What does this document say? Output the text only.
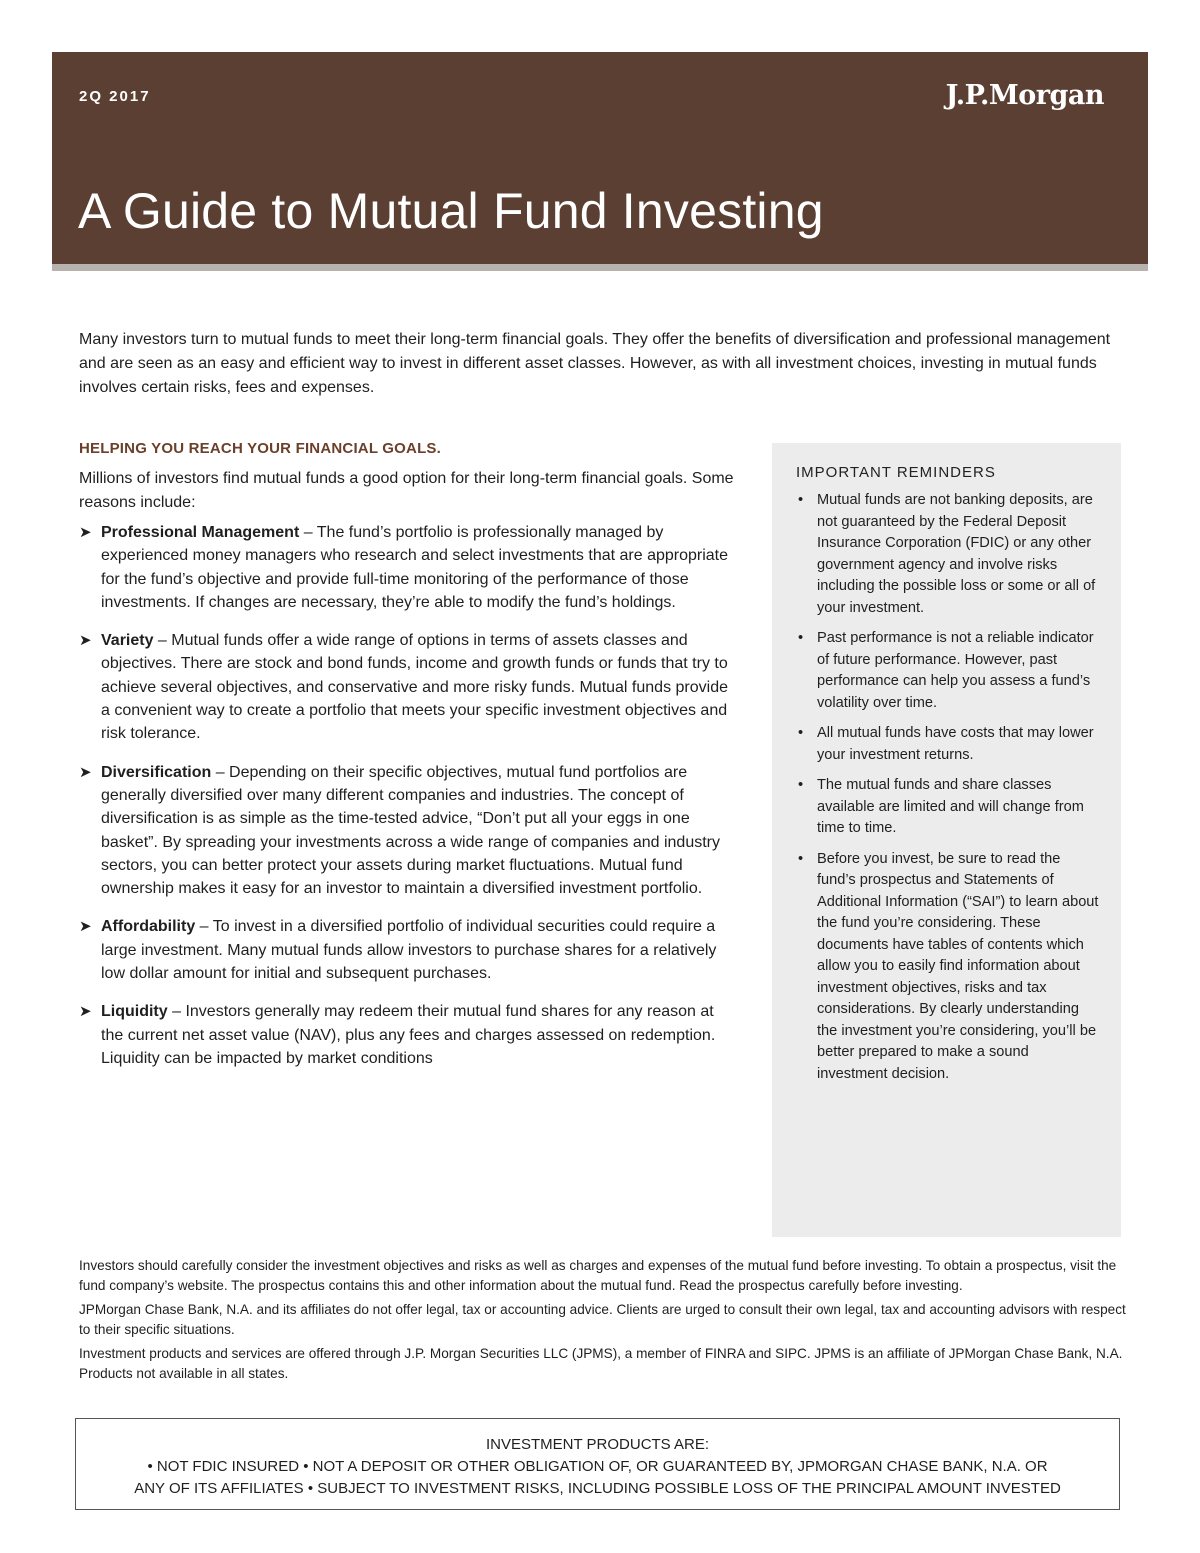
2Q 2017	J.P.Morgan
A Guide to Mutual Fund Investing

Many investors turn to mutual funds to meet their long-term financial goals. They offer the benefits of diversification and professional management and are seen as an easy and efficient way to invest in different asset classes. However, as with all investment choices, investing in mutual funds involves certain risks, fees and expenses.

HELPING YOU REACH YOUR FINANCIAL GOALS.

Millions of investors find mutual funds a good option for their long-term financial goals. Some reasons include:

➤ Professional Management – The fund’s portfolio is professionally managed by experienced money managers who research and select investments that are appropriate for the fund’s objective and provide full-time monitoring of the performance of those investments. If changes are necessary, they’re able to modify the fund’s holdings.
➤ Variety – Mutual funds offer a wide range of options in terms of assets classes and objectives. There are stock and bond funds, income and growth funds or funds that try to achieve several objectives, and conservative and more risky funds. Mutual funds provide a convenient way to create a portfolio that meets your specific investment objectives and risk tolerance.
➤ Diversification – Depending on their specific objectives, mutual fund portfolios are generally diversified over many different companies and industries. The concept of diversification is as simple as the time-tested advice, “Don’t put all your eggs in one basket”. By spreading your investments across a wide range of companies and industry sectors, you can better protect your assets during market fluctuations. Mutual fund ownership makes it easy for an investor to maintain a diversified investment portfolio.
➤ Affordability – To invest in a diversified portfolio of individual securities could require a large investment. Many mutual funds allow investors to purchase shares for a relatively low dollar amount for initial and subsequent purchases.
➤ Liquidity – Investors generally may redeem their mutual fund shares for any reason at the current net asset value (NAV), plus any fees and charges assessed on redemption. Liquidity can be impacted by market conditions
IMPORTANT REMINDERS
• Mutual funds are not banking deposits, are not guaranteed by the Federal Deposit Insurance Corporation (FDIC) or any other government agency and involve risks including the possible loss or some or all of your investment.
• Past performance is not a reliable indicator of future performance. However, past performance can help you assess a fund’s volatility over time.
• All mutual funds have costs that may lower your investment returns.
• The mutual funds and share classes available are limited and will change from time to time.
• Before you invest, be sure to read the fund’s prospectus and Statements of Additional Information (“SAI”) to learn about the fund you’re considering. These documents have tables of contents which allow you to easily find information about investment objectives, risks and tax considerations. By clearly understanding the investment you’re considering, you’ll be better prepared to make a sound investment decision.

Investors should carefully consider the investment objectives and risks as well as charges and expenses of the mutual fund before investing. To obtain a prospectus, visit the fund company’s website. The prospectus contains this and other information about the mutual fund. Read the prospectus carefully before investing.

JPMorgan Chase Bank, N.A. and its affiliates do not offer legal, tax or accounting advice. Clients are urged to consult their own legal, tax and accounting advisors with respect to their specific situations.

Investment products and services are offered through J.P. Morgan Securities LLC (JPMS), a member of FINRA and SIPC. JPMS is an affiliate of JPMorgan Chase Bank, N.A. Products not available in all states.

INVESTMENT PRODUCTS ARE:
• NOT FDIC INSURED • NOT A DEPOSIT OR OTHER OBLIGATION OF, OR GUARANTEED BY, JPMORGAN CHASE BANK, N.A. OR
ANY OF ITS AFFILIATES • SUBJECT TO INVESTMENT RISKS, INCLUDING POSSIBLE LOSS OF THE PRINCIPAL AMOUNT INVESTED
